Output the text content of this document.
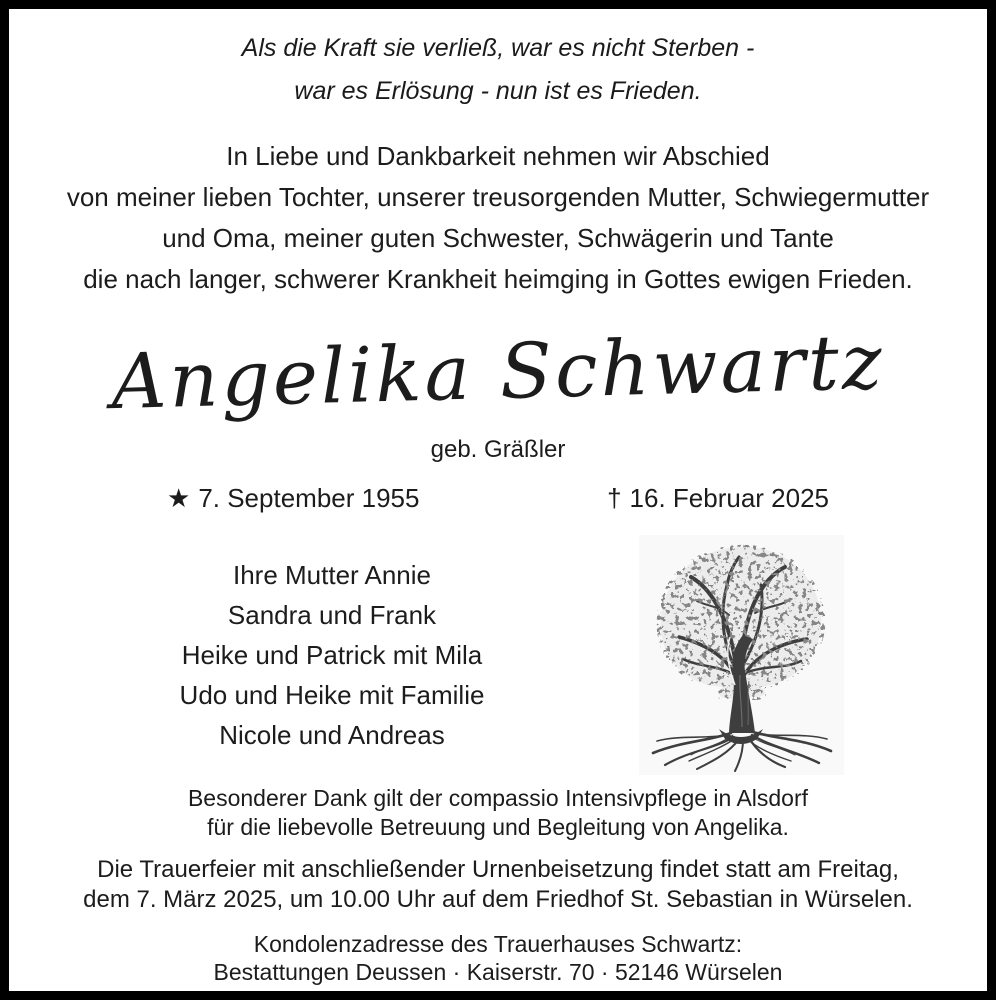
Als die Kraft sie verließ, war es nicht Sterben -
war es Erlösung - nun ist es Frieden.
In Liebe und Dankbarkeit nehmen wir Abschied
von meiner lieben Tochter, unserer treusorgenden Mutter, Schwiegermutter
und Oma, meiner guten Schwester, Schwägerin und Tante
die nach langer, schwerer Krankheit heimging in Gottes ewigen Frieden.
Angelika Schwartz
geb. Gräßler
★ 7. September 1955	† 16. Februar 2025
Ihre Mutter Annie
Sandra und Frank
Heike und Patrick mit Mila
Udo und Heike mit Familie
Nicole und Andreas
Besonderer Dank gilt der compassio Intensivpflege in Alsdorf
für die liebevolle Betreuung und Begleitung von Angelika.
Die Trauerfeier mit anschließender Urnenbeisetzung findet statt am Freitag,
dem 7. März 2025, um 10.00 Uhr auf dem Friedhof St. Sebastian in Würselen.
Kondolenzadresse des Trauerhauses Schwartz:
Bestattungen Deussen · Kaiserstr. 70 · 52146 Würselen
